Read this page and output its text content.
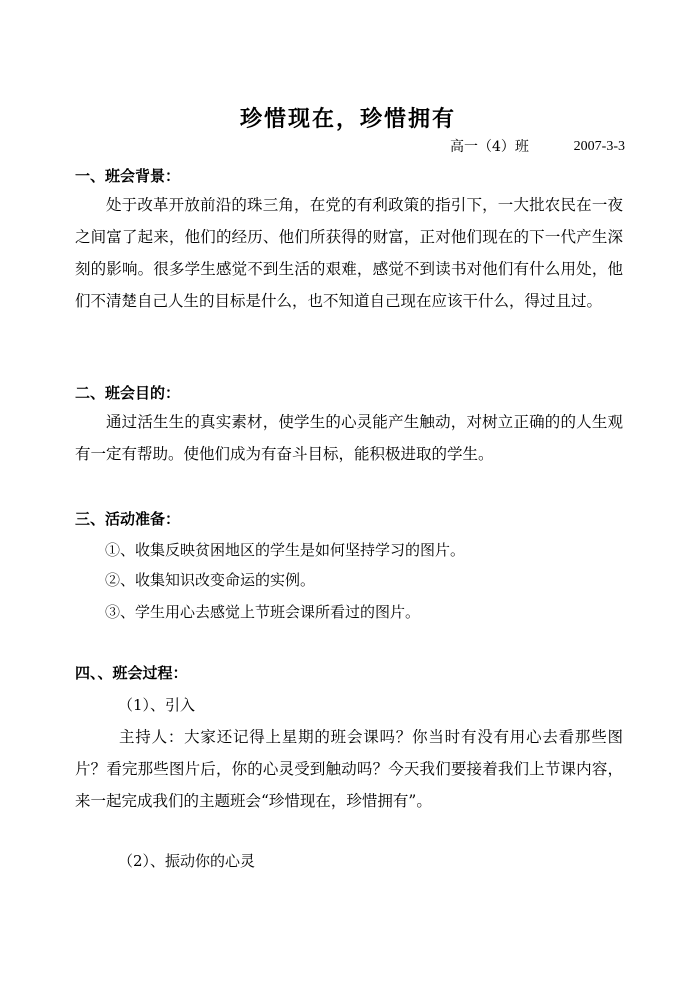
珍惜现在，珍惜拥有
高一（4）班	2007-3-3
一、班会背景：

处于改革开放前沿的珠三角，在党的有利政策的指引下，一大批农民在一夜之间富了起来，他们的经历、他们所获得的财富，正对他们现在的下一代产生深刻的影响。很多学生感觉不到生活的艰难，感觉不到读书对他们有什么用处，他们不清楚自己人生的目标是什么，也不知道自己现在应该干什么，得过且过。

二、班会目的：

通过活生生的真实素材，使学生的心灵能产生触动，对树立正确的的人生观有一定有帮助。使他们成为有奋斗目标，能积极进取的学生。

三、活动准备：
①、收集反映贫困地区的学生是如何坚持学习的图片。
②、收集知识改变命运的实例。
③、学生用心去感觉上节班会课所看过的图片。
四、、班会过程：
（1）、引入

主持人：大家还记得上星期的班会课吗？你当时有没有用心去看那些图片？看完那些图片后，你的心灵受到触动吗？今天我们要接着我们上节课内容，来一起完成我们的主题班会“珍惜现在，珍惜拥有”。

（2）、振动你的心灵
